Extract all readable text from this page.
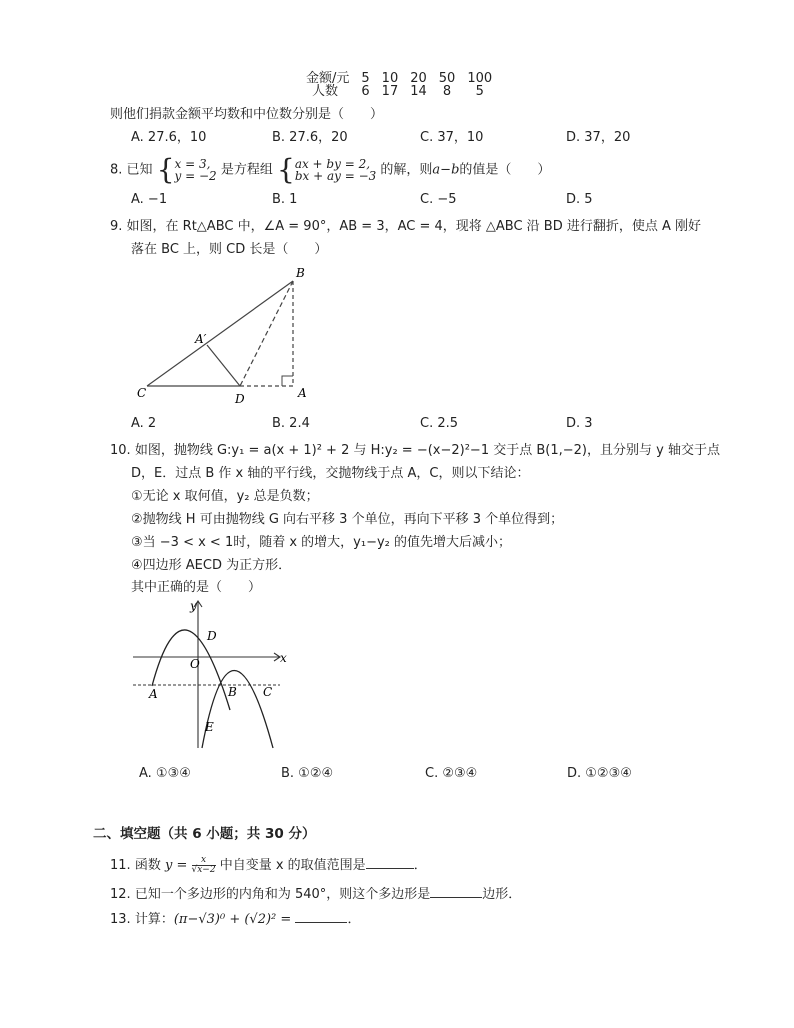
金额/元	5	10	20	50	100
人数	6	17	14	8	5
则他们捐款金额平均数和中位数分别是（　　）
A. 27.6，10	B. 27.6，20	C. 37，10	D. 37，20
8. 已知 { x = 3,
y = −2 是方程组 { ax + by = 2,
bx + ay = −3 的解，则a−b的值是（　　）
A. −1	B. 1	C. −5	D. 5
9. 如图，在 Rt△ABC 中，∠A = 90°，AB = 3，AC = 4，现将 △ABC 沿 BD 进行翻折，使点 A 刚好
落在 BC 上，则 CD 长是（　　）
B
A′
C	D	A
A. 2	B. 2.4	C. 2.5	D. 3
10. 如图，抛物线 G:y₁ = a(x + 1)² + 2 与 H:y₂ = −(x−2)²−1 交于点 B(1,−2)，且分别与 y 轴交于点
D，E．过点 B 作 x 轴的平行线，交抛物线于点 A，C，则以下结论：
①无论 x 取何值，y₂ 总是负数；
②抛物线 H 可由抛物线 G 向右平移 3 个单位，再向下平移 3 个单位得到；
③当 −3 < x < 1时，随着 x 的增大，y₁−y₂ 的值先增大后减小；
④四边形 AECD 为正方形．
其中正确的是（　　）
y
x
O
D
A	B C
E
A. ①③④	B. ①②④	C. ②③④	D. ①②③④
二、填空题（共 6 小题；共 30 分）
11. 函数 $y = \frac{x}{√x-2}$ 中自变量 x 的取值范围是	．
12. 已知一个多边形的内角和为 540°，则这个多边形是	边形．
13. 计算：(π−√3)⁰ + (√2)² =	．
